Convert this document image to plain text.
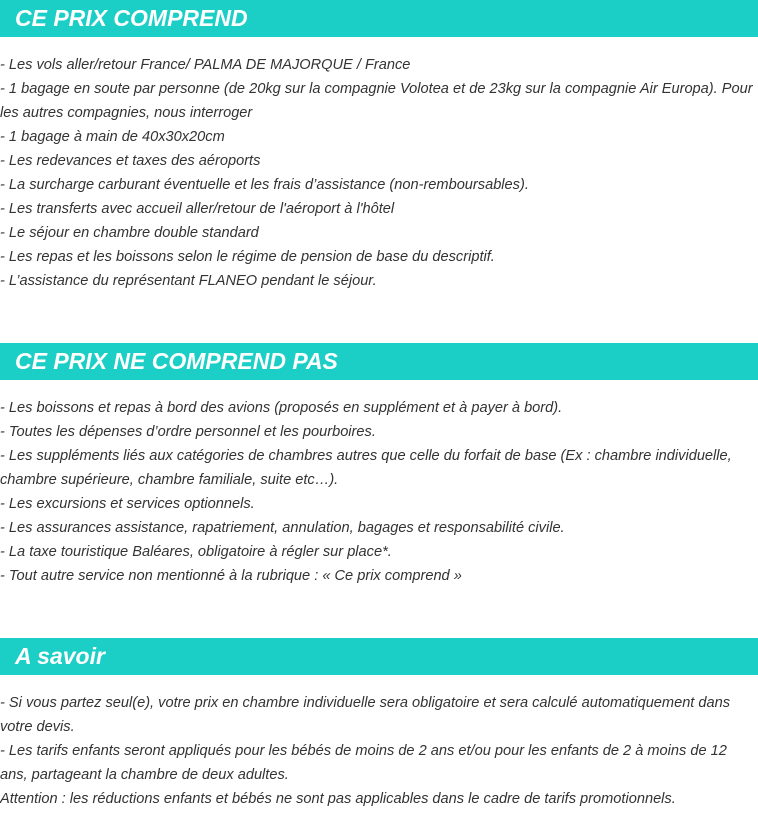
CE PRIX COMPREND
- Les vols aller/retour France/ PALMA DE MAJORQUE / France
- 1 bagage en soute par personne (de 20kg sur la compagnie Volotea et de 23kg sur la compagnie Air Europa). Pour les autres compagnies, nous interroger
- 1 bagage à main de 40x30x20cm
- Les redevances et taxes des aéroports
- La surcharge carburant éventuelle et les frais d’assistance (non-remboursables).
- Les transferts avec accueil aller/retour de l'aéroport à l'hôtel
- Le séjour en chambre double standard
- Les repas et les boissons selon le régime de pension de base du descriptif.
- L’assistance du représentant FLANEO pendant le séjour.
CE PRIX NE COMPREND PAS
- Les boissons et repas à bord des avions (proposés en supplément et à payer à bord).
- Toutes les dépenses d’ordre personnel et les pourboires.
- Les suppléments liés aux catégories de chambres autres que celle du forfait de base (Ex : chambre individuelle, chambre supérieure, chambre familiale, suite etc…).
- Les excursions et services optionnels.
- Les assurances assistance, rapatriement, annulation, bagages et responsabilité civile.
- La taxe touristique Baléares, obligatoire à régler sur place*.
- Tout autre service non mentionné à la rubrique : « Ce prix comprend »
A savoir
- Si vous partez seul(e), votre prix en chambre individuelle sera obligatoire et sera calculé automatiquement dans votre devis.
- Les tarifs enfants seront appliqués pour les bébés de moins de 2 ans et/ou pour les enfants de 2 à moins de 12 ans, partageant la chambre de deux adultes.
Attention : les réductions enfants et bébés ne sont pas applicables dans le cadre de tarifs promotionnels.
